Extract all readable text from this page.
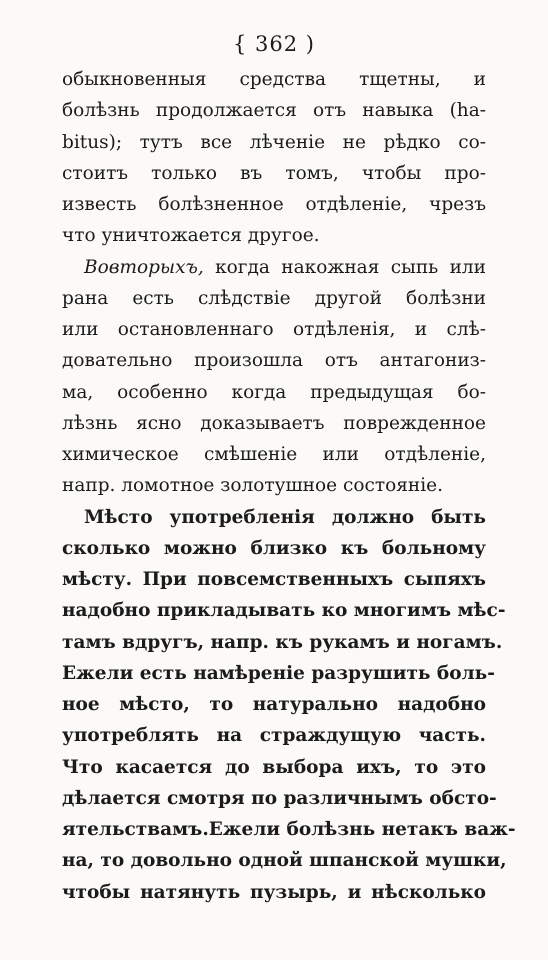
{ 362 )
обыкновенныя средства тщетны, и
болѣзнь продолжается отъ навыка (ha-
bitus); тутъ все лѣченіе не рѣдко со-
стоитъ только въ томъ, чтобы про-
известь болѣзненное отдѣленіе, чрезъ
что уничтожается другое.
Вовторыхъ, когда накожная сыпь или
рана есть слѣдствіе другой болѣзни
или остановленнаго отдѣленія, и слѣ-
довательно произошла отъ антагониз-
ма, особенно когда предыдущая бо-
лѣзнь ясно доказываетъ поврежденное
химическое смѣшеніе или отдѣленіе,
напр. ломотное золотушное состояніе.
Мѣсто употребленія должно быть
сколько можно близко къ больному
мѣсту. При повсемственныхъ сыпяхъ
надобно прикладывать ко многимъ мѣс-
тамъ вдругъ, напр. къ рукамъ и ногамъ.
Ежели есть намѣреніе разрушить боль-
ное мѣсто, то натурально надобно
употреблять на страждущую часть.
Что касается до выбора ихъ, то это
дѣлается смотря по различнымъ обсто-
ятельствамъ.Ежели болѣзнь нетакъ важ-
на, то довольно одной шпанской мушки,
чтобы натянуть пузырь, и нѣсколько
